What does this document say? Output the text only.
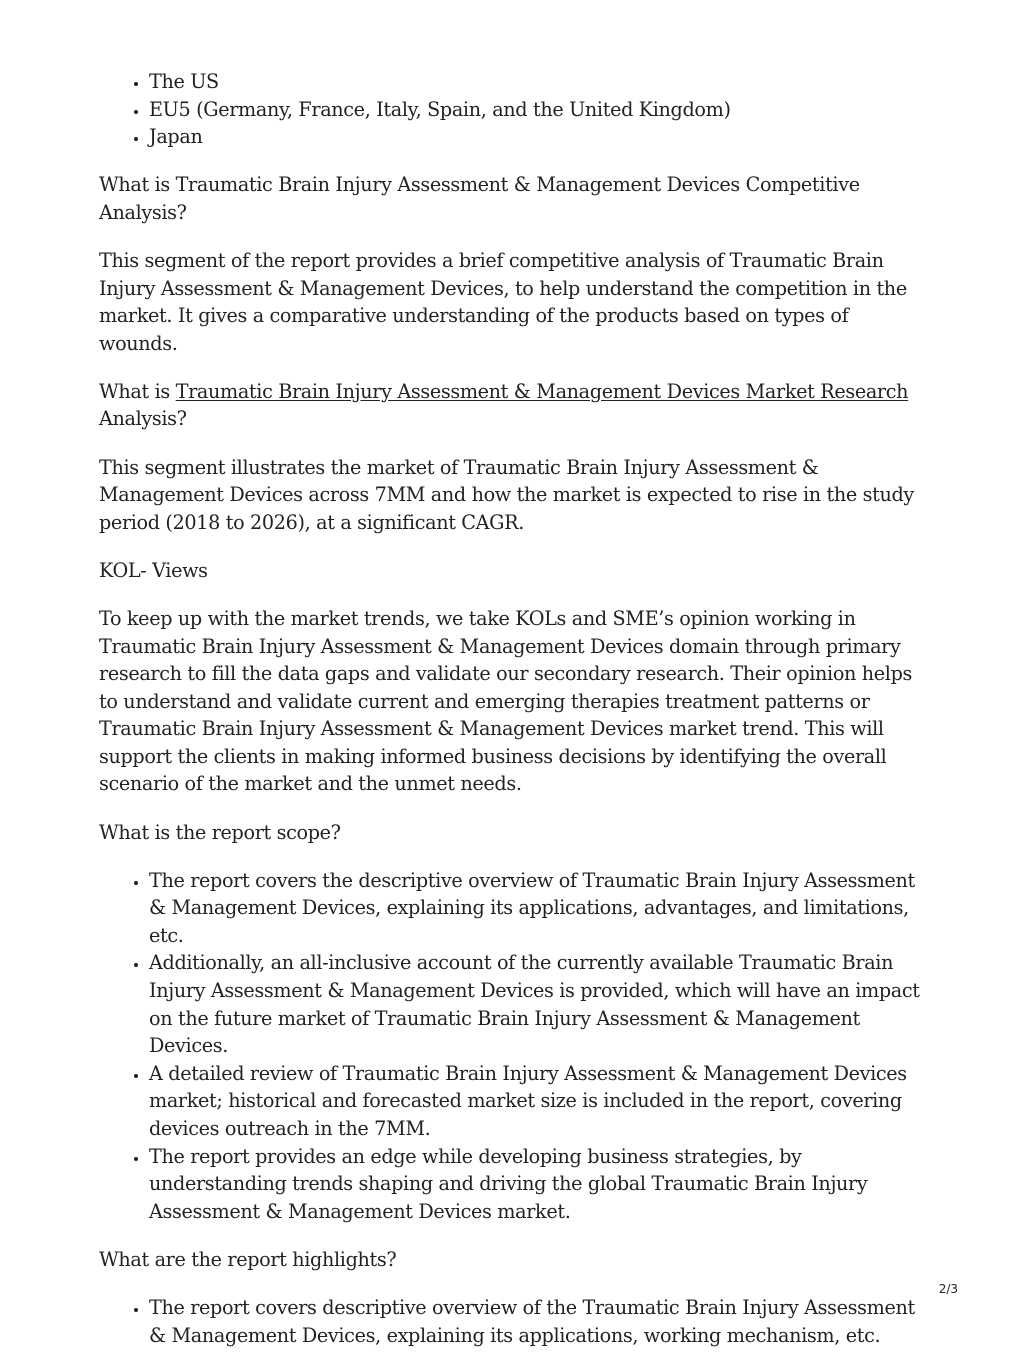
• The US
• EU5 (Germany, France, Italy, Spain, and the United Kingdom)
• Japan

What is Traumatic Brain Injury Assessment & Management Devices Competitive Analysis?

This segment of the report provides a brief competitive analysis of Traumatic Brain Injury Assessment & Management Devices, to help understand the competition in the market. It gives a comparative understanding of the products based on types of wounds.

What is Traumatic Brain Injury Assessment & Management Devices Market Research Analysis?

This segment illustrates the market of Traumatic Brain Injury Assessment & Management Devices across 7MM and how the market is expected to rise in the study period (2018 to 2026), at a significant CAGR.

KOL- Views

To keep up with the market trends, we take KOLs and SME’s opinion working in Traumatic Brain Injury Assessment & Management Devices domain through primary research to fill the data gaps and validate our secondary research. Their opinion helps to understand and validate current and emerging therapies treatment patterns or Traumatic Brain Injury Assessment & Management Devices market trend. This will support the clients in making informed business decisions by identifying the overall scenario of the market and the unmet needs.

What is the report scope?

• The report covers the descriptive overview of Traumatic Brain Injury Assessment & Management Devices, explaining its applications, advantages, and limitations, etc.
• Additionally, an all-inclusive account of the currently available Traumatic Brain Injury Assessment & Management Devices is provided, which will have an impact on the future market of Traumatic Brain Injury Assessment & Management Devices.
• A detailed review of Traumatic Brain Injury Assessment & Management Devices market; historical and forecasted market size is included in the report, covering devices outreach in the 7MM.
• The report provides an edge while developing business strategies, by understanding trends shaping and driving the global Traumatic Brain Injury Assessment & Management Devices market.

What are the report highlights?

• The report covers descriptive overview of the Traumatic Brain Injury Assessment & Management Devices, explaining its applications, working mechanism, etc.
2/3
